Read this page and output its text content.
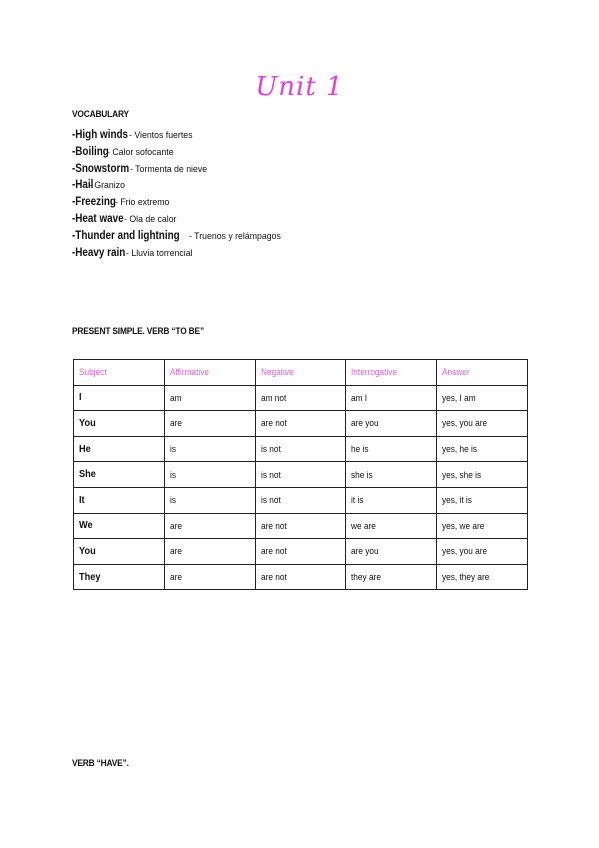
Unit 1
VOCABULARY
-High winds- Vientos fuertes
-Boiling- Calor sofocante
-Snowstorm- Tormenta de nieve
-Hail- Granizo
-Freezing- Frio extremo
-Heat wave- Ola de calor
-Thunder and lightning - Truenos y relámpagos
-Heavy rain- Lluvia torrencial
PRESENT SIMPLE. VERB “TO BE”
Subject	Affirmative	Negative	Interrogative	Answer
I	am	am not	am I	yes, I am
You	are	are not	are you	yes, you are
He	is	is not	he is	yes, he is
She	is	is not	she is	yes, she is
It	is	is not	it is	yes, it is
We	are	are not	we are	yes, we are
You	are	are not	are you	yes, you are
They	are	are not	they are	yes, they are
VERB “HAVE”.
